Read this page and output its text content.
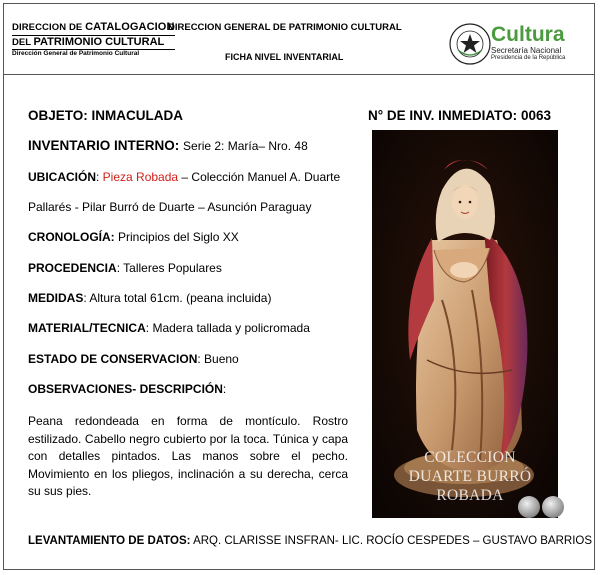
DIRECCION DE CATALOGACION
DEL PATRIMONIO CULTURAL
Dirección General de Patrimonio Cultural
DIRECCION GENERAL DE PATRIMONIO CULTURAL
FICHA NIVEL INVENTARIAL
Cultura
Secretaría Nacional
Presidencia de la República
OBJETO: INMACULADA	N° DE INV. INMEDIATO: 0063
INVENTARIO INTERNO: Serie 2: María– Nro. 48
UBICACIÓN: Pieza Robada – Colección Manuel A. Duarte
Pallarés - Pilar Burró de Duarte – Asunción Paraguay
CRONOLOGÍA: Principios del Siglo XX
PROCEDENCIA: Talleres Populares
MEDIDAS: Altura total 61cm. (peana incluida)
MATERIAL/TECNICA: Madera tallada y policromada
ESTADO DE CONSERVACION: Bueno
OBSERVACIONES- DESCRIPCIÓN:
Peana redondeada en forma de montículo. Rostro estilizado. Cabello negro cubierto por la toca. Túnica y capa con detalles pintados. Las manos sobre el pecho. Movimiento en los pliegos, inclinación a su derecha, cerca su sus pies.
COLECCION
DUARTE BURRÓ
ROBADA
LEVANTAMIENTO DE DATOS: ARQ. CLARISSE INSFRAN- LIC. ROCÍO CESPEDES – GUSTAVO BARRIOS
